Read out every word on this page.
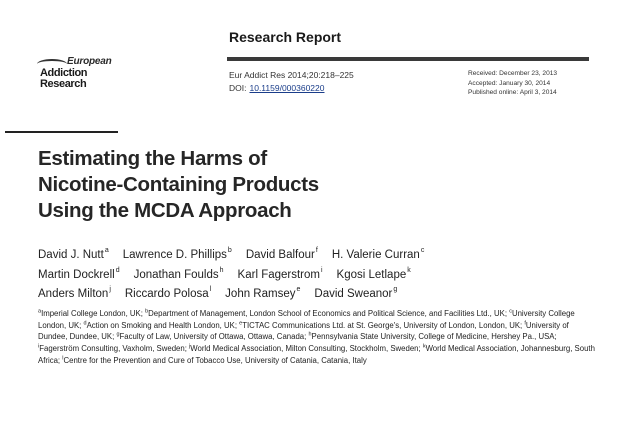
European
Addiction
Research
Research Report
Eur Addict Res 2014;20:218–225
DOI: 10.1159/000360220
Received: December 23, 2013
Accepted: January 30, 2014
Published online: April 3, 2014
Estimating the Harms of
Nicotine-Containing Products
Using the MCDA Approach
David J. Nutt$^a$ Lawrence D. Phillips$^b$ David Balfour$^f$ H. Valerie Curran$^c$
Martin Dockrell$^d$ Jonathan Foulds$^h$ Karl Fagerstrom$^i$ Kgosi Letlape$^k$
Anders Milton$^j$ Riccardo Polosa$^l$ John Ramsey$^e$ David Sweanor$^g$
$^a$Imperial College London, UK; $^b$Department of Management, London School of Economics and Political Science, and Facilities Ltd., UK; $^c$University College London, UK; $^d$Action on Smoking and Health London, UK; $^e$TICTAC Communications Ltd. at St. George's, University of London, London, UK; $^f$University of Dundee, Dundee, UK; $^g$Faculty of Law, University of Ottawa, Ottawa, Canada; $^h$Pennsylvania State University, College of Medicine, Hershey Pa., USA; $^i$Fagerström Consulting, Vaxholm, Sweden; $^j$World Medical Association, Milton Consulting, Stockholm, Sweden; $^k$World Medical Association, Johannesburg, South Africa; $^l$Centre for the Prevention and Cure of Tobacco Use, University of Catania, Catania, Italy
